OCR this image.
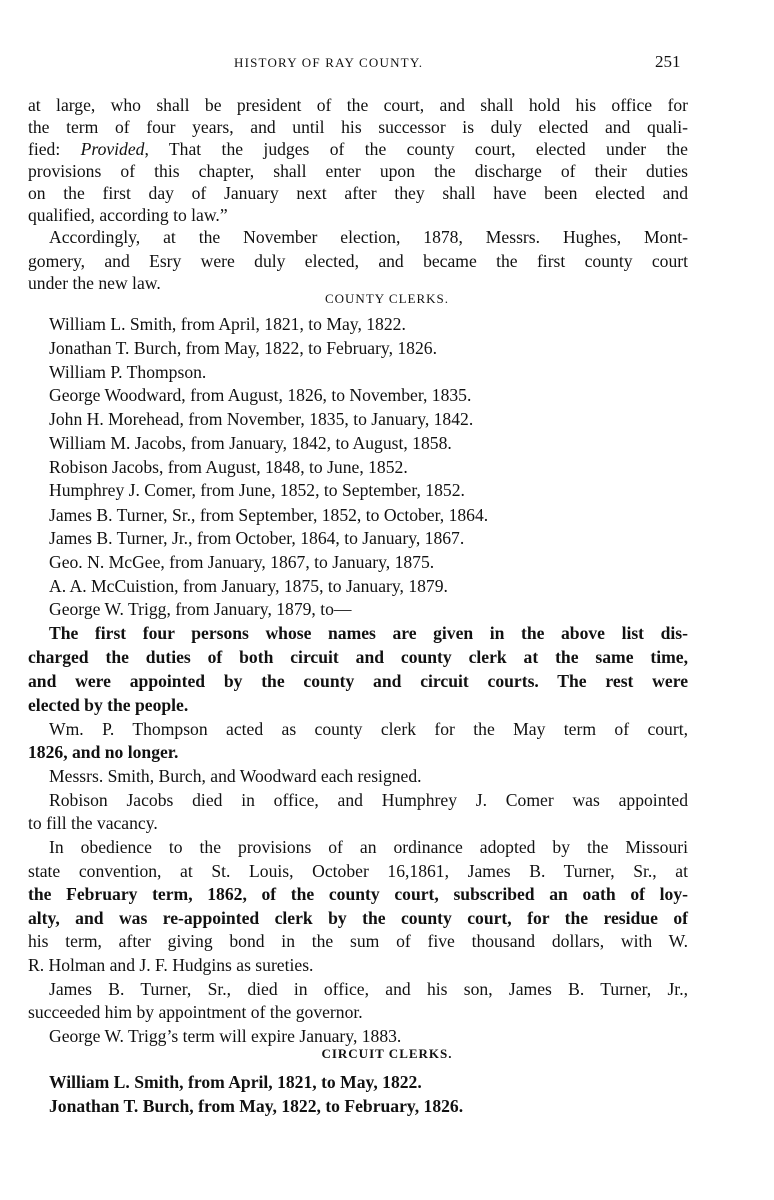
HISTORY OF RAY COUNTY.	251
at large, who shall be president of the court, and shall hold his office for
the term of four years, and until his successor is duly elected and quali-
fied: Provided, That the judges of the county court, elected under the
provisions of this chapter, shall enter upon the discharge of their duties
on the first day of January next after they shall have been elected and
qualified, according to law.”
Accordingly, at the November election, 1878, Messrs. Hughes, Mont-
gomery, and Esry were duly elected, and became the first county court
under the new law.
COUNTY CLERKS.
William L. Smith, from April, 1821, to May, 1822.
Jonathan T. Burch, from May, 1822, to February, 1826.
William P. Thompson.
George Woodward, from August, 1826, to November, 1835.
John H. Morehead, from November, 1835, to January, 1842.
William M. Jacobs, from January, 1842, to August, 1858.
Robison Jacobs, from August, 1848, to June, 1852.
Humphrey J. Comer, from June, 1852, to September, 1852.
James B. Turner, Sr., from September, 1852, to October, 1864.
James B. Turner, Jr., from October, 1864, to January, 1867.
Geo. N. McGee, from January, 1867, to January, 1875.
A. A. McCuistion, from January, 1875, to January, 1879.
George W. Trigg, from January, 1879, to—
The first four persons whose names are given in the above list dis-
charged the duties of both circuit and county clerk at the same time,
and were appointed by the county and circuit courts. The rest were
elected by the people.
Wm. P. Thompson acted as county clerk for the May term of court,
1826, and no longer.
Messrs. Smith, Burch, and Woodward each resigned.
Robison Jacobs died in office, and Humphrey J. Comer was appointed
to fill the vacancy.
In obedience to the provisions of an ordinance adopted by the Missouri
state convention, at St. Louis, October 16,1861, James B. Turner, Sr., at
the February term, 1862, of the county court, subscribed an oath of loy-
alty, and was re-appointed clerk by the county court, for the residue of
his term, after giving bond in the sum of five thousand dollars, with W.
R. Holman and J. F. Hudgins as sureties.
James B. Turner, Sr., died in office, and his son, James B. Turner, Jr.,
succeeded him by appointment of the governor.
George W. Trigg’s term will expire January, 1883.
CIRCUIT CLERKS.
William L. Smith, from April, 1821, to May, 1822.
Jonathan T. Burch, from May, 1822, to February, 1826.
